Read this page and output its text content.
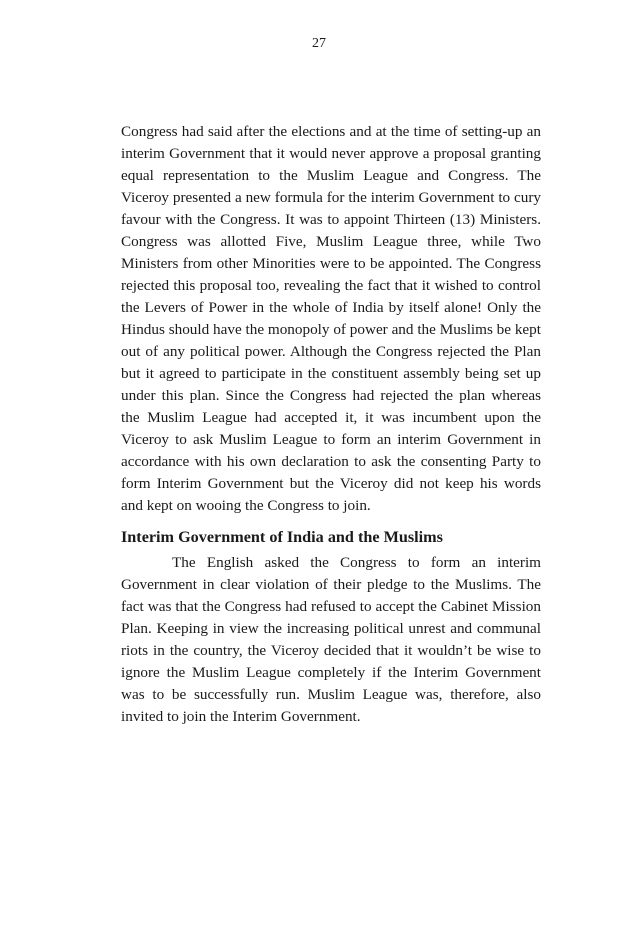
27

Congress had said after the elections and at the time of setting-up an interim Government that it would never approve a proposal granting equal representation to the Muslim League and Congress. The Viceroy presented a new formula for the interim Government to cury favour with the Congress. It was to appoint Thirteen (13) Ministers. Congress was allotted Five, Muslim League three, while Two Ministers from other Minorities were to be appointed. The Congress rejected this proposal too, revealing the fact that it wished to control the Levers of Power in the whole of India by itself alone! Only the Hindus should have the monopoly of power and the Muslims be kept out of any political power. Although the Congress rejected the Plan but it agreed to participate in the constituent assembly being set up under this plan. Since the Congress had rejected the plan whereas the Muslim League had accepted it, it was incumbent upon the Viceroy to ask Muslim League to form an interim Government in accordance with his own declaration to ask the consenting Party to form Interim Government but the Viceroy did not keep his words and kept on wooing the Congress to join.

Interim Government of India and the Muslims

The English asked the Congress to form an interim Government in clear violation of their pledge to the Muslims. The fact was that the Congress had refused to accept the Cabinet Mission Plan. Keeping in view the increasing political unrest and communal riots in the country, the Viceroy decided that it wouldn’t be wise to ignore the Muslim League completely if the Interim Government was to be successfully run. Muslim League was, therefore, also invited to join the Interim Government.
